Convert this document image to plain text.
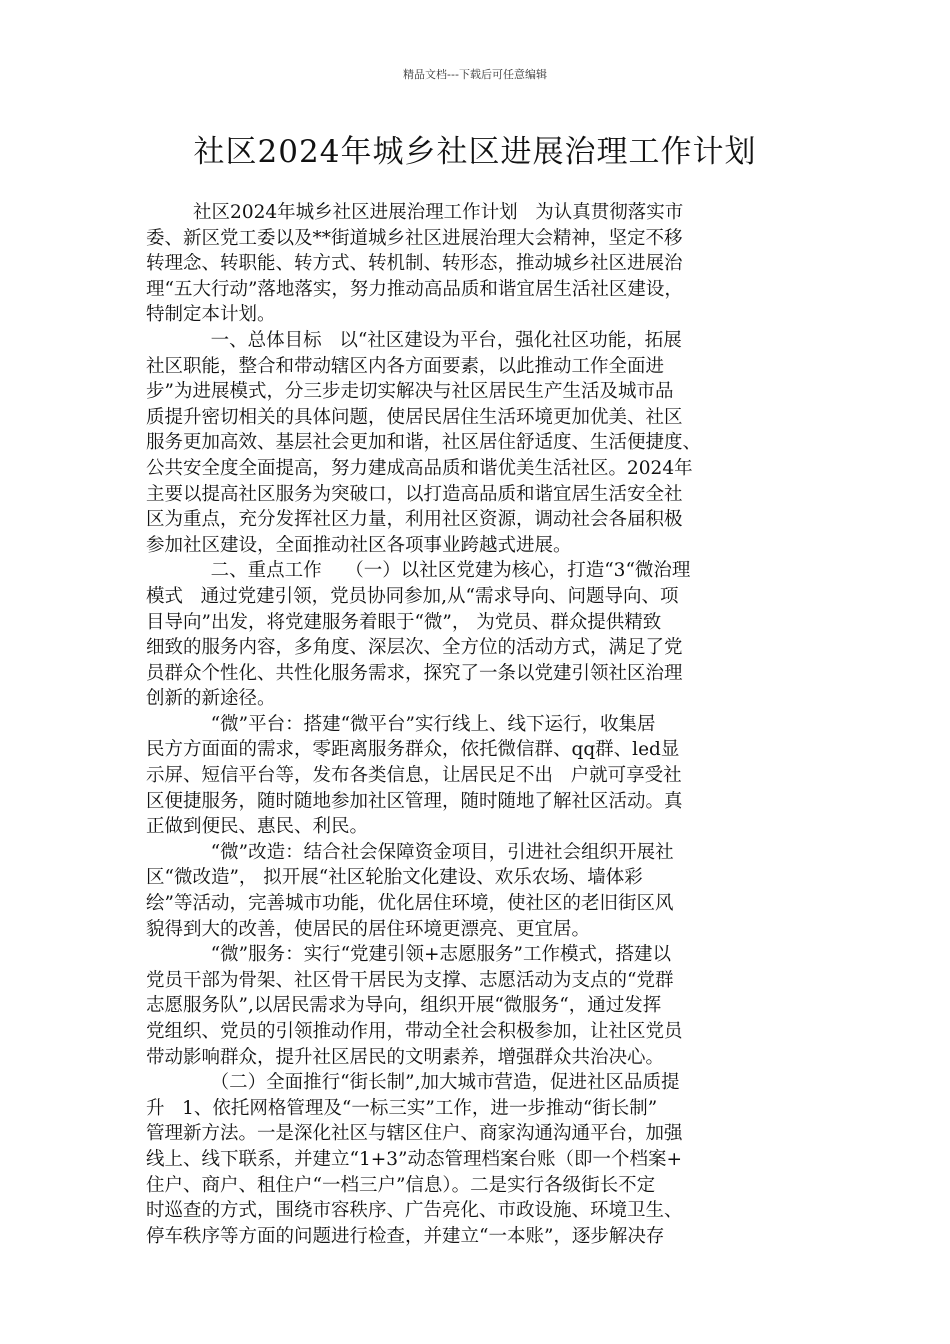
精品文档---下载后可任意编辑
社区2024年城乡社区进展治理工作计划
社区2024年城乡社区进展治理工作计划   为认真贯彻落实市
委、新区党工委以及**街道城乡社区进展治理大会精神，坚定不移
转理念、转职能、转方式、转机制、转形态，推动城乡社区进展治
理“五大行动”落地落实，努力推动高品质和谐宜居生活社区建设，
特制定本计划。
一、总体目标   以“社区建设为平台，强化社区功能，拓展
社区职能，整合和带动辖区内各方面要素，以此推动工作全面进
步”为进展模式，分三步走切实解决与社区居民生产生活及城市品
质提升密切相关的具体问题，使居民居住生活环境更加优美、社区
服务更加高效、基层社会更加和谐，社区居住舒适度、生活便捷度、
公共安全度全面提高，努力建成高品质和谐优美生活社区。2024年
主要以提高社区服务为突破口，以打造高品质和谐宜居生活安全社
区为重点，充分发挥社区力量，利用社区资源，调动社会各届积极
参加社区建设，全面推动社区各项事业跨越式进展。
二、重点工作    （一）以社区党建为核心，打造“3“微治理
模式   通过党建引领，党员协同参加,从“需求导向、问题导向、项
目导向”出发，将党建服务着眼于“微”， 为党员、群众提供精致
细致的服务内容，多角度、深层次、全方位的活动方式，满足了党
员群众个性化、共性化服务需求，探究了一条以党建引领社区治理
创新的新途径。
“微”平台：搭建“微平台”实行线上、线下运行，收集居
民方方面面的需求，零距离服务群众，依托微信群、qq群、led显
示屏、短信平台等，发布各类信息，让居民足不出   户就可享受社
区便捷服务，随时随地参加社区管理，随时随地了解社区活动。真
正做到便民、惠民、利民。
“微”改造：结合社会保障资金项目，引进社会组织开展社
区“微改造”， 拟开展“社区轮胎文化建设、欢乐农场、墙体彩
绘”等活动，完善城市功能，优化居住环境，使社区的老旧街区风
貌得到大的改善，使居民的居住环境更漂亮、更宜居。
“微”服务：实行“党建引领+志愿服务”工作模式，搭建以
党员干部为骨架、社区骨干居民为支撑、志愿活动为支点的“党群
志愿服务队”,以居民需求为导向，组织开展“微服务“，通过发挥
党组织、党员的引领推动作用，带动全社会积极参加，让社区党员
带动影响群众，提升社区居民的文明素养，增强群众共治决心。
（二）全面推行“街长制”,加大城市营造，促进社区品质提
升   1、依托网格管理及“一标三实”工作，进一步推动“街长制”
管理新方法。一是深化社区与辖区住户、商家沟通沟通平台，加强
线上、线下联系，并建立“1+3”动态管理档案台账（即一个档案+
住户、商户、租住户“一档三户”信息）。二是实行各级街长不定
时巡查的方式，围绕市容秩序、广告亮化、市政设施、环境卫生、
停车秩序等方面的问题进行检查，并建立“一本账”，逐步解决存
